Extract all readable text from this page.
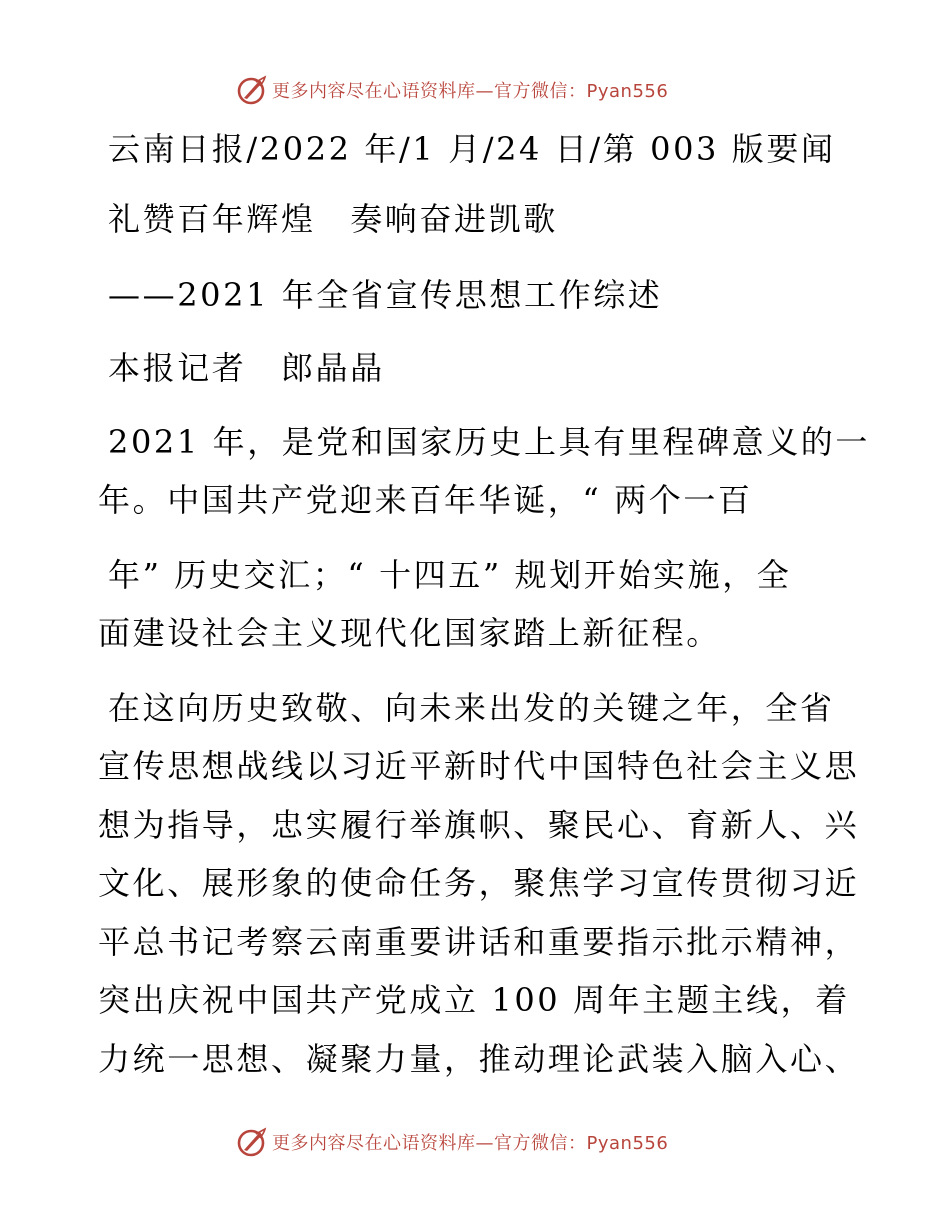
更多内容尽在心语资料库—官方微信：Pyan556
云南日报/2022 年/1 月/24 日/第 003 版要闻
礼赞百年辉煌　奏响奋进凯歌
——2021 年全省宣传思想工作综述
本报记者　郎晶晶
2021 年，是党和国家历史上具有里程碑意义的一
年。中国共产党迎来百年华诞，“ 两个一百
年” 历史交汇；“ 十四五” 规划开始实施，全
面建设社会主义现代化国家踏上新征程。
在这向历史致敬、向未来出发的关键之年，全省
宣传思想战线以习近平新时代中国特色社会主义思
想为指导，忠实履行举旗帜、聚民心、育新人、兴
文化、展形象的使命任务，聚焦学习宣传贯彻习近
平总书记考察云南重要讲话和重要指示批示精神，
突出庆祝中国共产党成立 100 周年主题主线，着
力统一思想、凝聚力量，推动理论武装入脑入心、
更多内容尽在心语资料库—官方微信：Pyan556
